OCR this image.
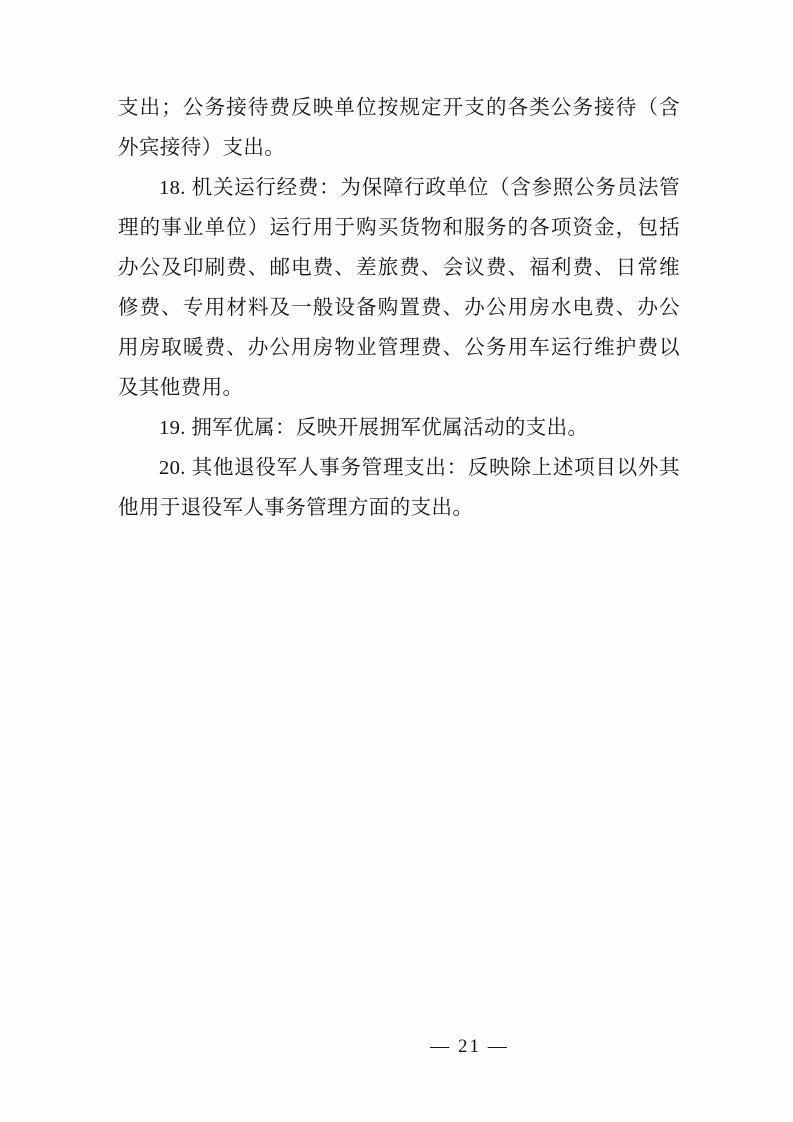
支出；公务接待费反映单位按规定开支的各类公务接待（含外宾接待）支出。

18. 机关运行经费：为保障行政单位（含参照公务员法管理的事业单位）运行用于购买货物和服务的各项资金，包括办公及印刷费、邮电费、差旅费、会议费、福利费、日常维修费、专用材料及一般设备购置费、办公用房水电费、办公用房取暖费、办公用房物业管理费、公务用车运行维护费以及其他费用。

19. 拥军优属：反映开展拥军优属活动的支出。

20. 其他退役军人事务管理支出：反映除上述项目以外其他用于退役军人事务管理方面的支出。

— 21 —
